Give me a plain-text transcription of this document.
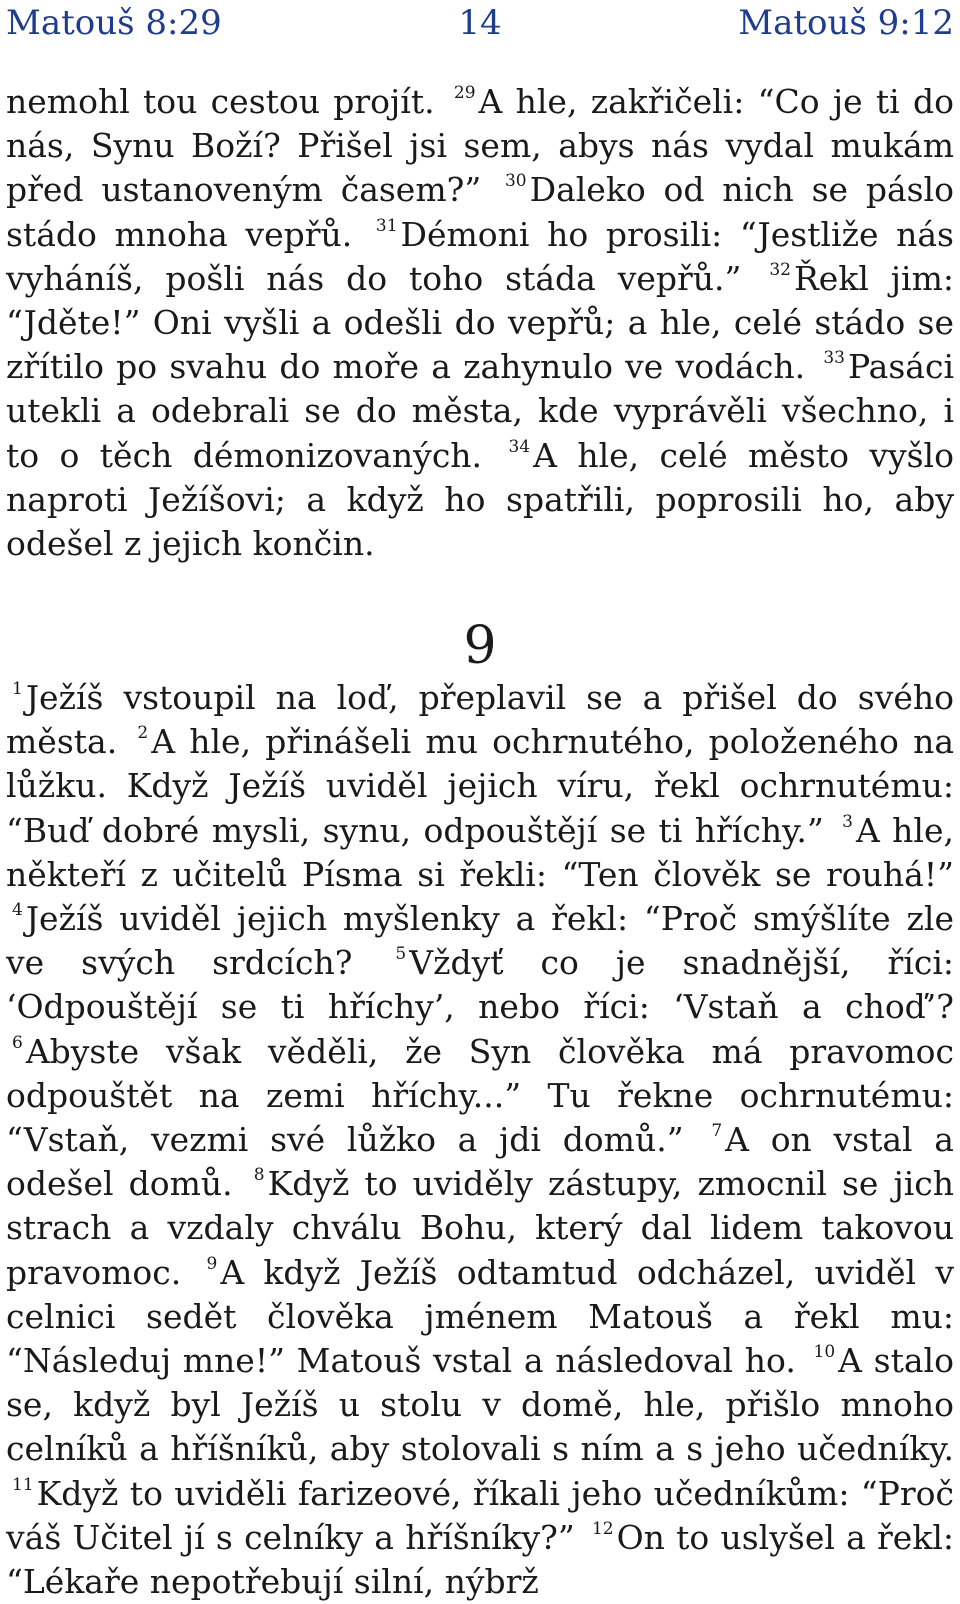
Matouš 8:29	14	Matouš 9:12
nemohl tou cestou projít. $^{29}$A hle, zakřičeli: “Co je ti do nás, Synu Boží? Přišel jsi sem, abys nás vydal mukám před ustanoveným časem?” $^{30}$Daleko od nich se páslo stádo mnoha vepřů. $^{31}$Démoni ho prosili: “Jestliže nás vyháníš, pošli nás do toho stáda vepřů.” $^{32}$Řekl jim: “Jděte!” Oni vyšli a odešli do vepřů; a hle, celé stádo se zřítilo po svahu do moře a zahynulo ve vodách. $^{33}$Pasáci utekli a odebrali se do města, kde vyprávěli všechno, i to o těch démonizovaných. $^{34}$A hle, celé město vyšlo naproti Ježíšovi; a když ho spatřili, poprosili ho, aby odešel z jejich končin.
9
$^1$Ježíš vstoupil na loď, přeplavil se a přišel do svého města. $^2$A hle, přinášeli mu ochrnutého, položeného na lůžku. Když Ježíš uviděl jejich víru, řekl ochrnutému: “Buď dobré mysli, synu, odpouštějí se ti hříchy.” $^3$A hle, někteří z učitelů Písma si řekli: “Ten člověk se rouhá!” $^4$Ježíš uviděl jejich myšlenky a řekl: “Proč smýšlíte zle ve svých srdcích?	$^5$Vždyť co je snadnější, říci: ‘Odpouštějí se ti hříchy’, nebo říci: ‘Vstaň a choď’? $^6$Abyste však věděli, že Syn člověka má pravomoc odpouštět na zemi hříchy...” Tu řekne ochrnutému: “Vstaň, vezmi své lůžko a jdi domů.” $^7$A on vstal a odešel domů. $^8$Když to uviděly zástupy, zmocnil se jich strach a vzdaly chválu Bohu, který dal lidem takovou pravomoc. $^9$A když Ježíš odtamtud odcházel, uviděl v celnici sedět člověka jménem Matouš a řekl mu: “Následuj mne!” Matouš vstal a následoval ho. $^{10}$A stalo se, když byl Ježíš u stolu v domě, hle, přišlo mnoho celníků a hříšníků, aby stolovali s ním a s jeho učedníky. $^{11}$Když to uviděli farizeové, říkali jeho učedníkům: “Proč váš Učitel jí s celníky a hříšníky?” $^{12}$On to uslyšel a řekl: “Lékaře nepotřebují silní, nýbrž
